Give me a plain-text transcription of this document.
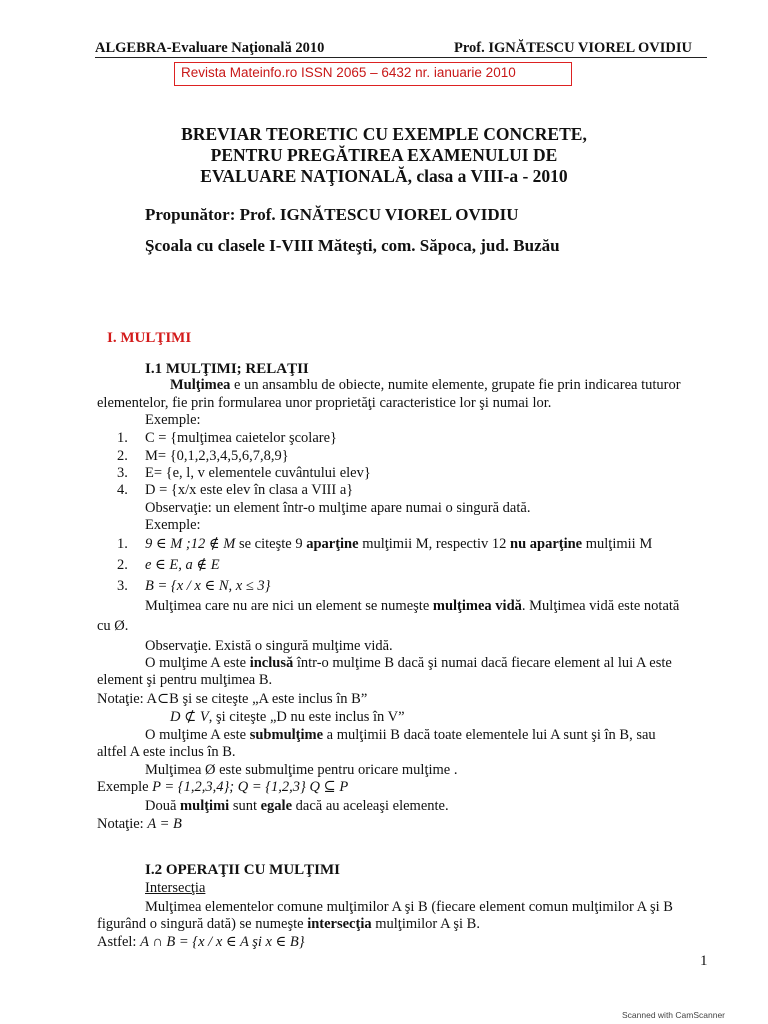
ALGEBRA-Evaluare Naţională 2010	Prof. IGNĂTESCU VIOREL OVIDIU
Revista Mateinfo.ro ISSN 2065 – 6432 nr. ianuarie 2010
BREVIAR TEORETIC CU EXEMPLE CONCRETE,
PENTRU PREGĂTIREA EXAMENULUI DE
EVALUARE NAŢIONALĂ, clasa a VIII-a - 2010
Propunător: Prof. IGNĂTESCU VIOREL OVIDIU
Şcoala cu clasele I-VIII Măteşti, com. Săpoca, jud. Buzău
I. MULŢIMI
I.1 MULŢIMI; RELAŢII
Mulţimea e un ansamblu de obiecte, numite elemente, grupate fie prin indicarea tuturor
elementelor, fie prin formularea unor proprietăţi caracteristice lor şi numai lor.
Exemple:
1. C = {mulţimea caietelor şcolare}
2. M= {0,1,2,3,4,5,6,7,8,9}
3. E= {e, l, v elementele cuvântului elev}
4. D = {x/x este elev în clasa a VIII a}
Observaţie: un element într-o mulţime apare numai o singură dată.
Exemple:
1. 9 ∈ M ;12 ∉ M se citeşte 9 aparţine mulţimii M, respectiv 12 nu aparţine mulţimii M
2. e ∈ E, a ∉ E
3. B = {x / x ∈ N, x ≤ 3}
Mulţimea care nu are nici un element se numeşte mulţimea vidă. Mulţimea vidă este notată
cu Ø.
Observaţie. Există o singură mulţime vidă.
O mulţime A este inclusă într-o mulţime B dacă şi numai dacă fiecare element al lui A este
element şi pentru mulţimea B.
Notaţie: A⊂B şi se citeşte „A este inclus în B”
D ⊄ V, şi citeşte „D nu este inclus în V”
O mulţime A este submulţime a mulţimii B dacă toate elementele lui A sunt şi în B, sau
altfel A este inclus în B.
Mulţimea Ø este submulţime pentru oricare mulţime .
Exemple P = {1,2,3,4}; Q = {1,2,3} Q ⊆ P
Două mulţimi sunt egale dacă au aceleaşi elemente.
Notaţie: A = B
I.2 OPERAŢII CU MULŢIMI
Intersecţia
Mulţimea elementelor comune mulţimilor A şi B (fiecare element comun mulţimilor A şi B
figurând o singură dată) se numeşte intersecţia mulţimilor A şi B.
Astfel: A ∩ B = {x / x ∈ A şi x ∈ B}
1
Scanned with CamScanner
